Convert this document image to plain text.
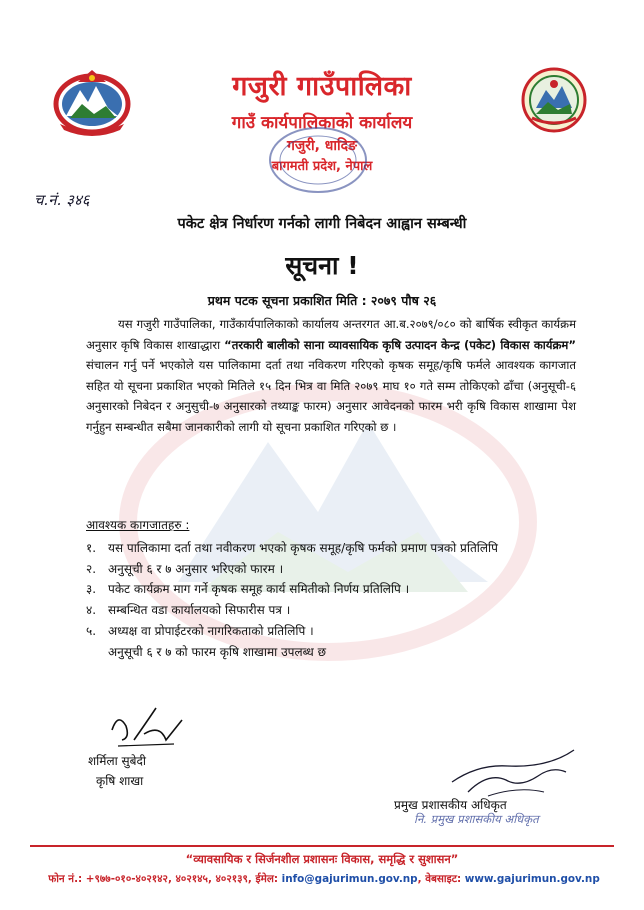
गजुरी गाउँपालिका
गाउँ कार्यपालिकाको कार्यालय
गजुरी, धादिङ
बागमती प्रदेश, नेपाल
च.नं. ३४६
पकेट क्षेत्र निर्धारण गर्नको लागी निबेदन आह्वान सम्बन्धी
सूचना !
प्रथम पटक सूचना प्रकाशित मिति : २०७९ पौष २६
यस गजुरी गाउँपालिका, गाउँकार्यपालिकाको कार्यालय अन्तरगत आ.ब.२०७९/०८० को बार्षिक स्वीकृत कार्यक्रम अनुसार कृषि विकास शाखाद्धारा “तरकारी बालीको साना व्यावसायिक कृषि उत्पादन केन्द्र (पकेट) विकास कार्यक्रम” संचालन गर्नु पर्ने भएकोले यस पालिकामा दर्ता तथा नविकरण गरिएको कृषक समूह/कृषि फर्मले आवश्यक कागजात सहित यो सूचना प्रकाशित भएको मितिले १५ दिन भित्र वा मिति २०७९ माघ १० गते सम्म तोकिएको ढाँचा (अनुसूची-६ अनुसारको निबेदन र अनुसुची-७ अनुसारको तथ्याङ्क फारम) अनुसार आवेदनको फारम भरी कृषि विकास शाखामा पेश गर्नुहुन सम्बन्धीत सबैमा जानकारीको लागी यो सूचना प्रकाशित गरिएको छ ।
आवश्यक कागजातहरु :
१. यस पालिकामा दर्ता तथा नवीकरण भएको कृषक समूह/कृषि फर्मको प्रमाण पत्रको प्रतिलिपि
२. अनुसूची ६ र ७ अनुसार भरिएको फारम ।
३. पकेट कार्यक्रम माग गर्ने कृषक समूह कार्य समितीको निर्णय प्रतिलिपि ।
४. सम्बन्धित वडा कार्यालयको सिफारीस पत्र ।
५. अध्यक्ष वा प्रोपाईटरको नागरिकताको प्रतिलिपि ।
अनुसूची ६ र ७ को फारम कृषि शाखामा उपलब्ध छ
शर्मिला सुबेदी
कृषि शाखा
प्रमुख प्रशासकीय अधिकृत
नि. प्रमुख प्रशासकीय अधिकृत
“व्यावसायिक र सिर्जनशील प्रशासनः विकास, समृद्धि र सुशासन”
फोन नं.: +९७७-०१०-४०२१४२, ४०२१४५, ४०२१३९, ईमेल: info@gajurimun.gov.np, वेबसाइट: www.gajurimun.gov.np
